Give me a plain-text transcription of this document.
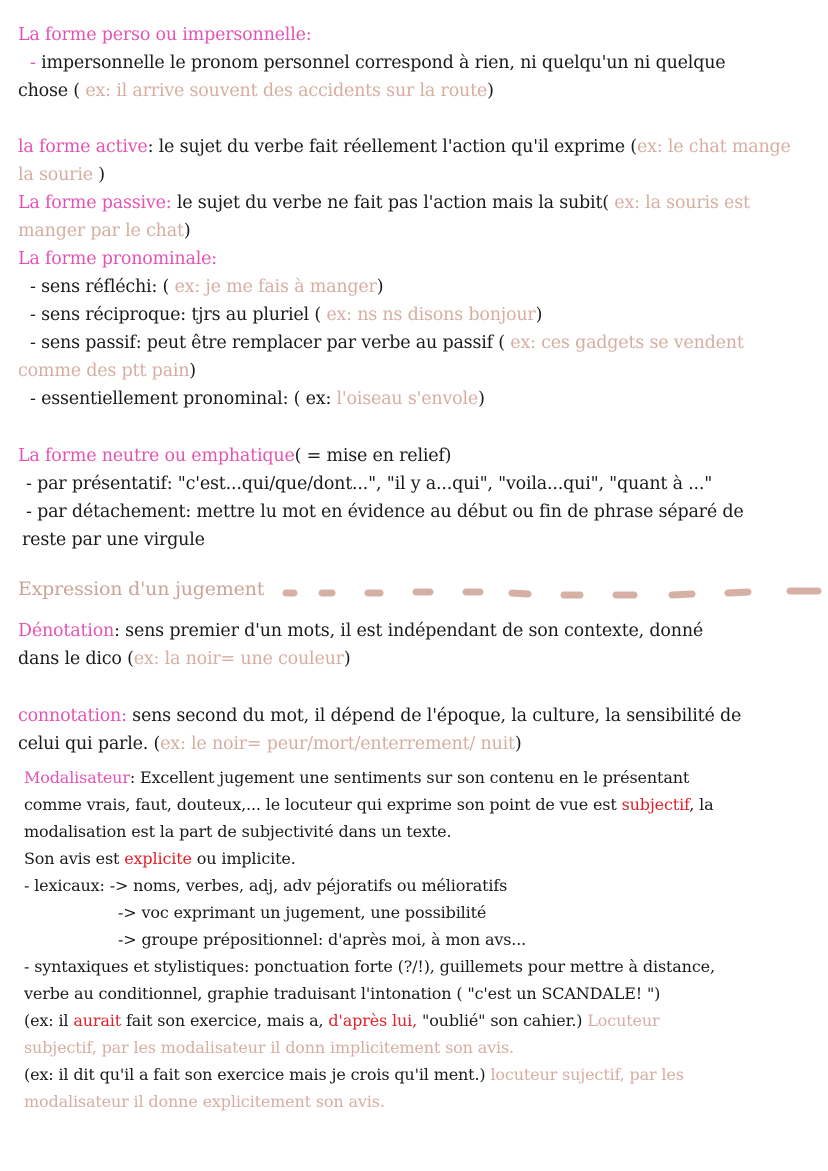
La forme perso ou impersonnelle:
- impersonnelle le pronom personnel correspond à rien, ni quelqu'un ni quelque
chose ( ex: il arrive souvent des accidents sur la route)
la forme active: le sujet du verbe fait réellement l'action qu'il exprime (ex: le chat mange
la sourie )
La forme passive: le sujet du verbe ne fait pas l'action mais la subit( ex: la souris est
manger par le chat)
La forme pronominale:
- sens réfléchi: ( ex: je me fais à manger)
- sens réciproque: tjrs au pluriel ( ex: ns ns disons bonjour)
- sens passif: peut être remplacer par verbe au passif ( ex: ces gadgets se vendent
comme des ptt pain)
- essentiellement pronominal: ( ex: l'oiseau s'envole)
La forme neutre ou emphatique( = mise en relief)
- par présentatif: "c'est...qui/que/dont...", "il y a...qui", "voila...qui", "quant à ..."
- par détachement: mettre lu mot en évidence au début ou fin de phrase séparé de
reste par une virgule
Expression d'un jugement
Dénotation: sens premier d'un mots, il est indépendant de son contexte, donné
dans le dico (ex: la noir= une couleur)
connotation: sens second du mot, il dépend de l'époque, la culture, la sensibilité de
celui qui parle. (ex: le noir= peur/mort/enterrement/ nuit)
Modalisateur: Excellent jugement une sentiments sur son contenu en le présentant
comme vrais, faut, douteux,... le locuteur qui exprime son point de vue est subjectif, la
modalisation est la part de subjectivité dans un texte.
Son avis est explicite ou implicite.
- lexicaux: -> noms, verbes, adj, adv péjoratifs ou mélioratifs
-> voc exprimant un jugement, une possibilité
-> groupe prépositionnel: d'après moi, à mon avs...
- syntaxiques et stylistiques: ponctuation forte (?/!), guillemets pour mettre à distance,
verbe au conditionnel, graphie traduisant l'intonation ( "c'est un SCANDALE! ")
(ex: il aurait fait son exercice, mais a, d'après lui, "oublié" son cahier.) Locuteur
subjectif, par les modalisateur il donn implicitement son avis.
(ex: il dit qu'il a fait son exercice mais je crois qu'il ment.) locuteur sujectif, par les
modalisateur il donne explicitement son avis.
